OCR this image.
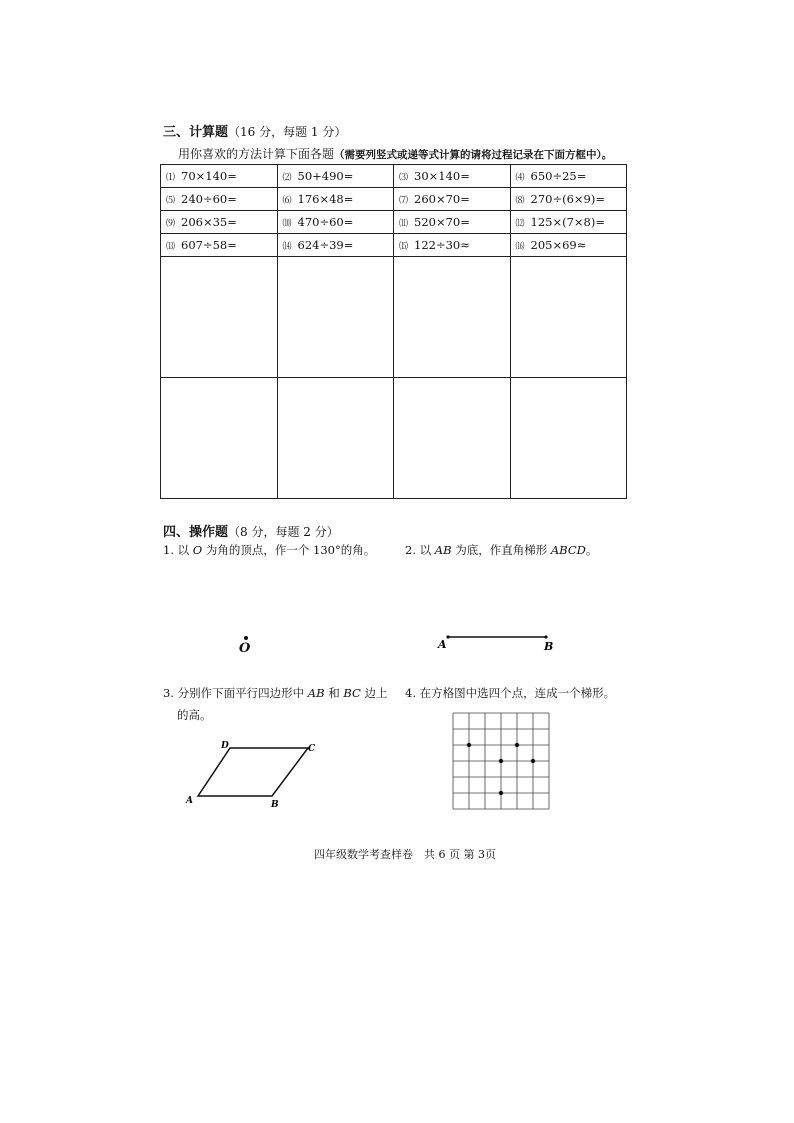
三、计算题（16 分，每题 1 分）
用你喜欢的方法计算下面各题（需要列竖式或递等式计算的请将过程记录在下面方框中）。
⑴ 70×140=	⑵ 50+490=	⑶ 30×140=	⑷ 650÷25=
⑸ 240÷60=	⑹ 176×48=	⑺ 260×70=	⑻ 270÷(6×9)=
⑼ 206×35=	⑽ 470÷60=	⑾ 520×70=	⑿ 125×(7×8)=
⒀ 607÷58=	⒁ 624÷39=	⒂ 122÷30≈	⒃ 205×69≈

四、操作题（8 分，每题 2 分）
1. 以 O 为角的顶点，作一个 130°的角。
O
2. 以 AB 为底，作直角梯形 ABCD。
A	B
3. 分别作下面平行四边形中 AB 和 BC 边上
的高。
A	B
C
D
4. 在方格图中选四个点，连成一个梯形。
四年级数学考查样卷　共 6 页 第 3页
